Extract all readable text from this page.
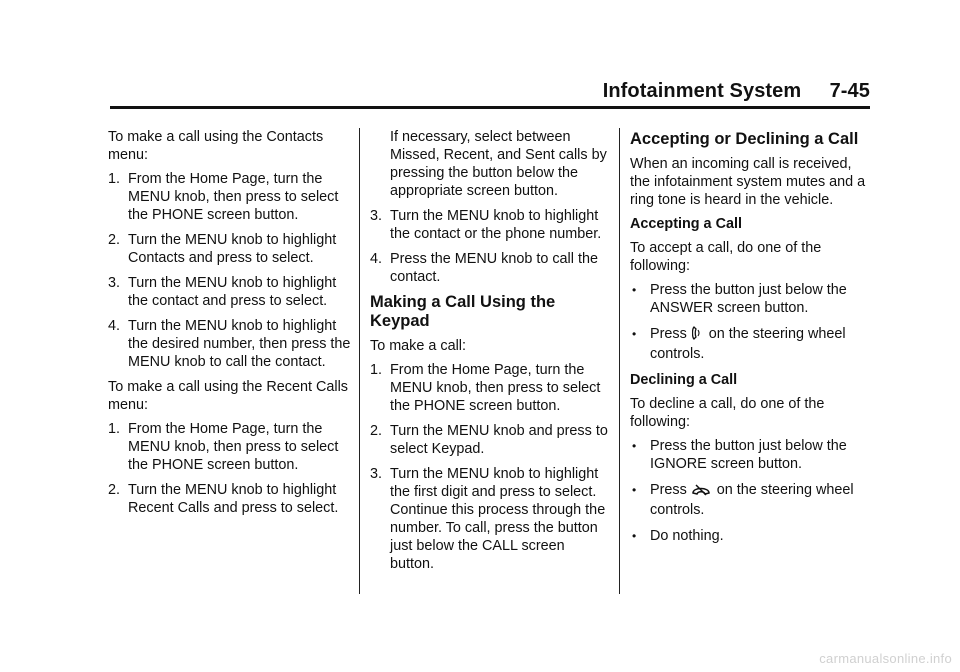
Infotainment System     7-45

To make a call using the Contacts menu:

1. From the Home Page, turn the MENU knob, then press to select the PHONE screen button.
2. Turn the MENU knob to highlight Contacts and press to select.
3. Turn the MENU knob to highlight the contact and press to select.
4. Turn the MENU knob to highlight the desired number, then press the MENU knob to call the contact.

To make a call using the Recent Calls menu:

1. From the Home Page, turn the MENU knob, then press to select the PHONE screen button.
2. Turn the MENU knob to highlight Recent Calls and press to select.

If necessary, select between Missed, Recent, and Sent calls by pressing the button below the appropriate screen button.

3. Turn the MENU knob to highlight the contact or the phone number.
4. Press the MENU knob to call the contact.
Making a Call Using the Keypad

To make a call:

1. From the Home Page, turn the MENU knob, then press to select the PHONE screen button.
2. Turn the MENU knob and press to select Keypad.
3. Turn the MENU knob to highlight the first digit and press to select. Continue this process through the number. To call, press the button just below the CALL screen button.
Accepting or Declining a Call

When an incoming call is received, the infotainment system mutes and a ring tone is heard in the vehicle.

Accepting a Call

To accept a call, do one of the following:

• Press the button just below the ANSWER screen button.
• Press on the steering wheel controls.
Declining a Call

To decline a call, do one of the following:

• Press the button just below the IGNORE screen button.
• Press on the steering wheel controls.
• Do nothing.
carmanualsonline.info
